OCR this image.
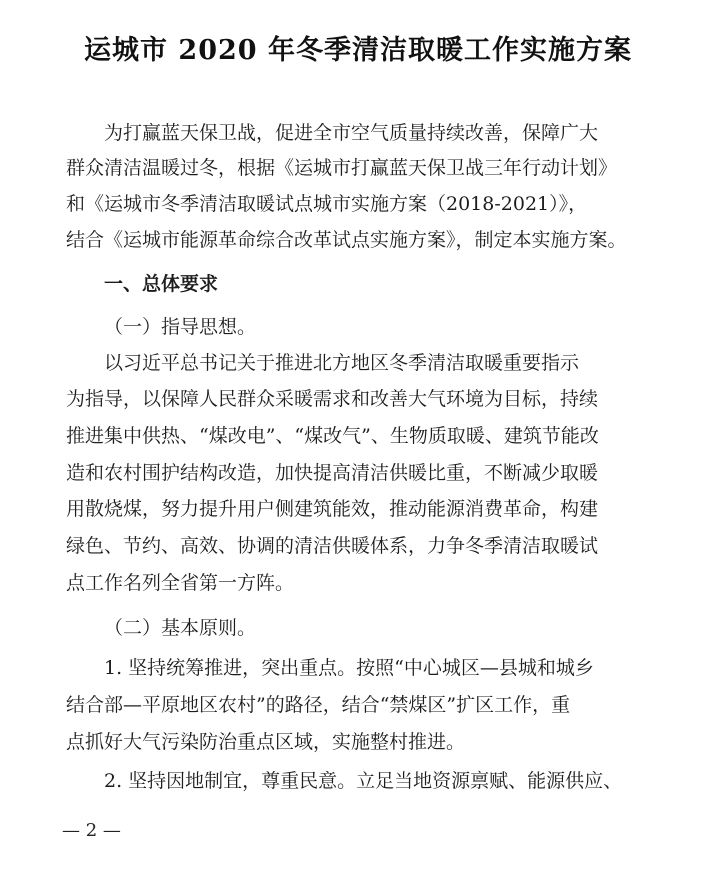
运城市 2020 年冬季清洁取暖工作实施方案
为打赢蓝天保卫战，促进全市空气质量持续改善，保障广大
群众清洁温暖过冬，根据《运城市打赢蓝天保卫战三年行动计划》
和《运城市冬季清洁取暖试点城市实施方案（2018-2021）》，
结合《运城市能源革命综合改革试点实施方案》，制定本实施方案。
一、总体要求
（一）指导思想。
以习近平总书记关于推进北方地区冬季清洁取暖重要指示
为指导，以保障人民群众采暖需求和改善大气环境为目标，持续
推进集中供热、“煤改电”、“煤改气”、生物质取暖、建筑节能改
造和农村围护结构改造，加快提高清洁供暖比重，不断减少取暖
用散烧煤，努力提升用户侧建筑能效，推动能源消费革命，构建
绿色、节约、高效、协调的清洁供暖体系，力争冬季清洁取暖试
点工作名列全省第一方阵。
（二）基本原则。
1. 坚持统筹推进，突出重点。按照“中心城区—县城和城乡
结合部—平原地区农村”的路径，结合“禁煤区”扩区工作，重
点抓好大气污染防治重点区域，实施整村推进。
2. 坚持因地制宜，尊重民意。立足当地资源禀赋、能源供应、
— 2 —
